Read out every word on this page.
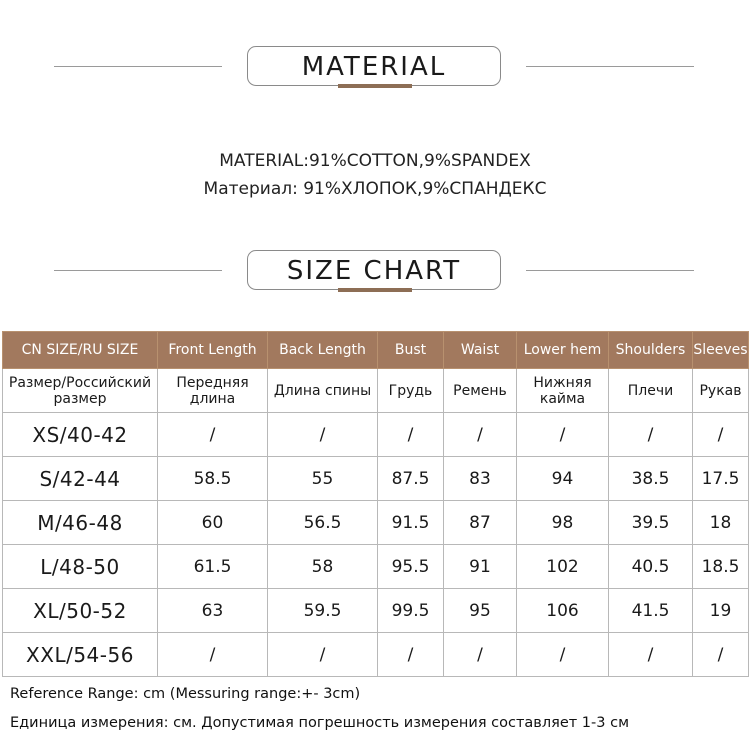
MATERIAL
MATERIAL:91%COTTON,9%SPANDEX
Материал: 91%ХЛОПОК,9%СПАНДЕКС
SIZE CHART
CN SIZE/RU SIZE	Front Length	Back Length	Bust	Waist	Lower hem	Shoulders	Sleeves
Размер/Российский размер	Передняя длина	Длина спины	Грудь	Ремень	Нижняя кайма	Плечи	Рукав
XS/40-42	/	/	/	/	/	/	/
S/42-44	58.5	55	87.5	83	94	38.5	17.5
M/46-48	60	56.5	91.5	87	98	39.5	18
L/48-50	61.5	58	95.5	91	102	40.5	18.5
XL/50-52	63	59.5	99.5	95	106	41.5	19
XXL/54-56	/	/	/	/	/	/	/
Reference Range: cm (Messuring range:+- 3cm)
Единица измерения: см. Допустимая погрешность измерения составляет 1-3 см
